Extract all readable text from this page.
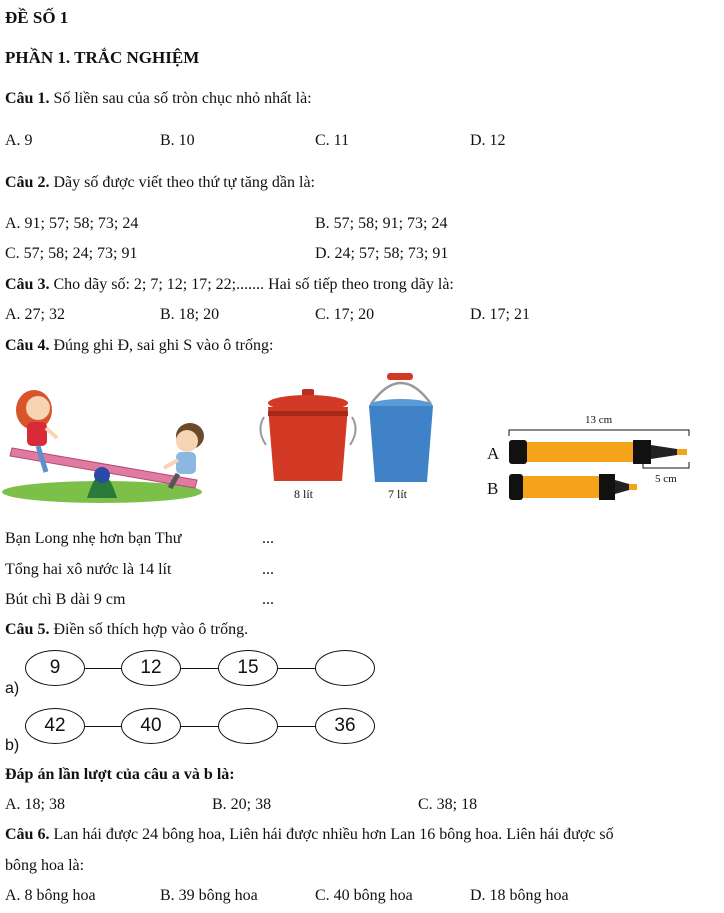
ĐỀ SỐ 1
PHẦN 1. TRẮC NGHIỆM
Câu 1. Số liền sau của số tròn chục nhỏ nhất là:
A. 9	B. 10	C. 11	D. 12
Câu 2. Dãy số được viết theo thứ tự tăng dần là:
A. 91; 57; 58; 73; 24	B. 57; 58; 91; 73; 24
C. 57; 58; 24; 73; 91	D. 24; 57; 58; 73; 91
Câu 3. Cho dãy số: 2; 7; 12; 17; 22;....... Hai số tiếp theo trong dãy là:
A. 27; 32	B. 18; 20	C. 17; 20	D. 17; 21
Câu 4. Đúng ghi Đ, sai ghi S vào ô trống:
8 lít	7 lít
13 cm
5 cm
A
B
Bạn Long nhẹ hơn bạn Thư	...
Tổng hai xô nước là 14 lít	...
Bút chì B dài 9 cm	...
Câu 5. Điền số thích hợp vào ô trống.
a)
9	12	15
b)
42	40	36
Đáp án lần lượt của câu a và b là:
A. 18; 38	B. 20; 38	C. 38; 18
Câu 6. Lan hái được 24 bông hoa, Liên hái được nhiều hơn Lan 16 bông hoa. Liên hái được số
bông hoa là:
A. 8 bông hoa	B. 39 bông hoa	C. 40 bông hoa	D. 18 bông hoa
